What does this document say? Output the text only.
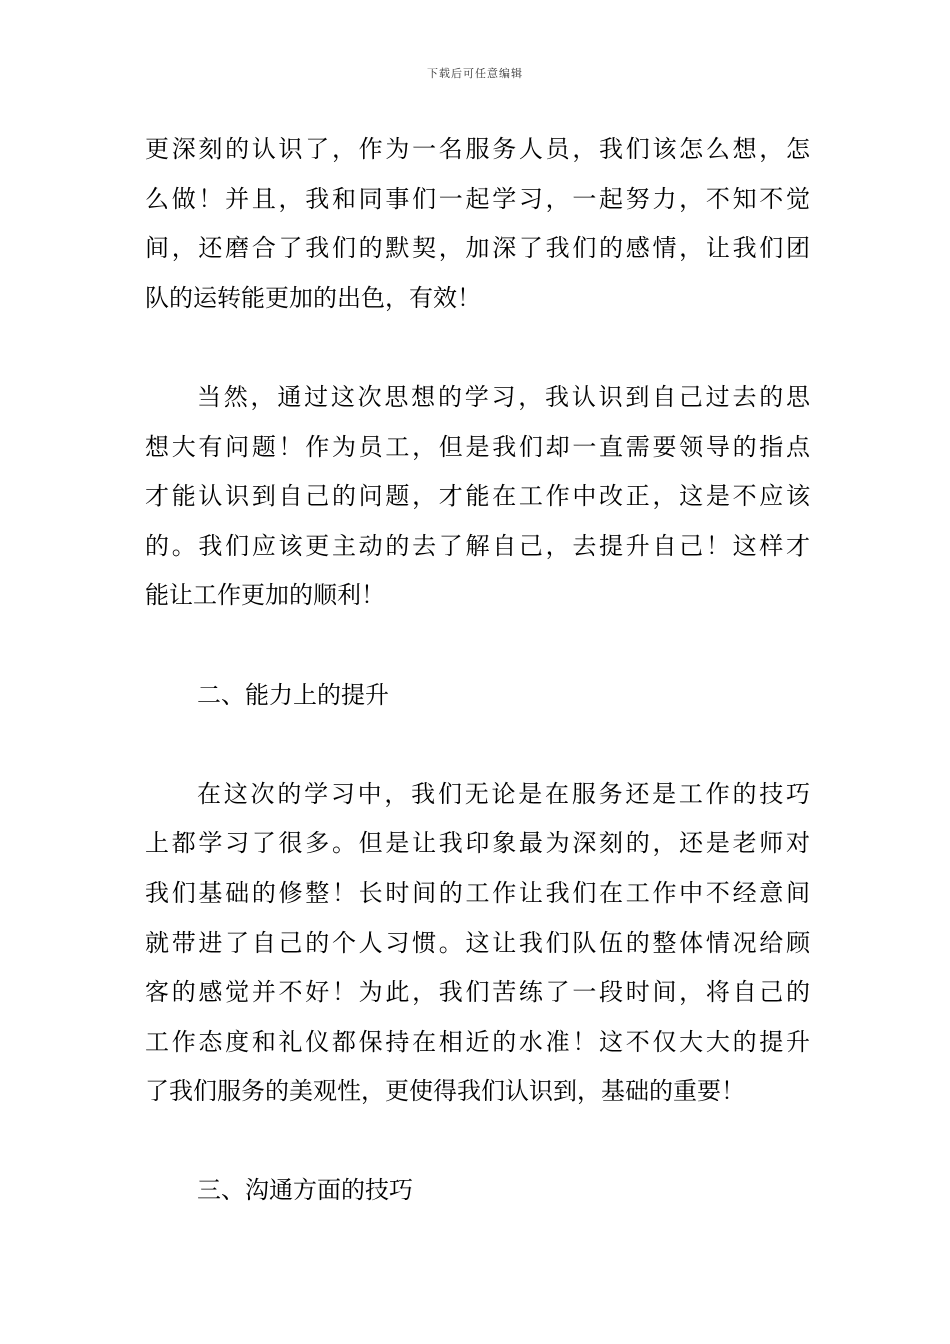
下载后可任意编辑
更深刻的认识了，作为一名服务人员，我们该怎么想，怎
么做！并且，我和同事们一起学习，一起努力，不知不觉
间，还磨合了我们的默契，加深了我们的感情，让我们团
队的运转能更加的出色，有效！
当然，通过这次思想的学习，我认识到自己过去的思
想大有问题！作为员工，但是我们却一直需要领导的指点
才能认识到自己的问题，才能在工作中改正，这是不应该
的。我们应该更主动的去了解自己，去提升自己！这样才
能让工作更加的顺利！
二、能力上的提升
在这次的学习中，我们无论是在服务还是工作的技巧
上都学习了很多。但是让我印象最为深刻的，还是老师对
我们基础的修整！长时间的工作让我们在工作中不经意间
就带进了自己的个人习惯。这让我们队伍的整体情况给顾
客的感觉并不好！为此，我们苦练了一段时间，将自己的
工作态度和礼仪都保持在相近的水准！这不仅大大的提升
了我们服务的美观性，更使得我们认识到，基础的重要！
三、沟通方面的技巧
